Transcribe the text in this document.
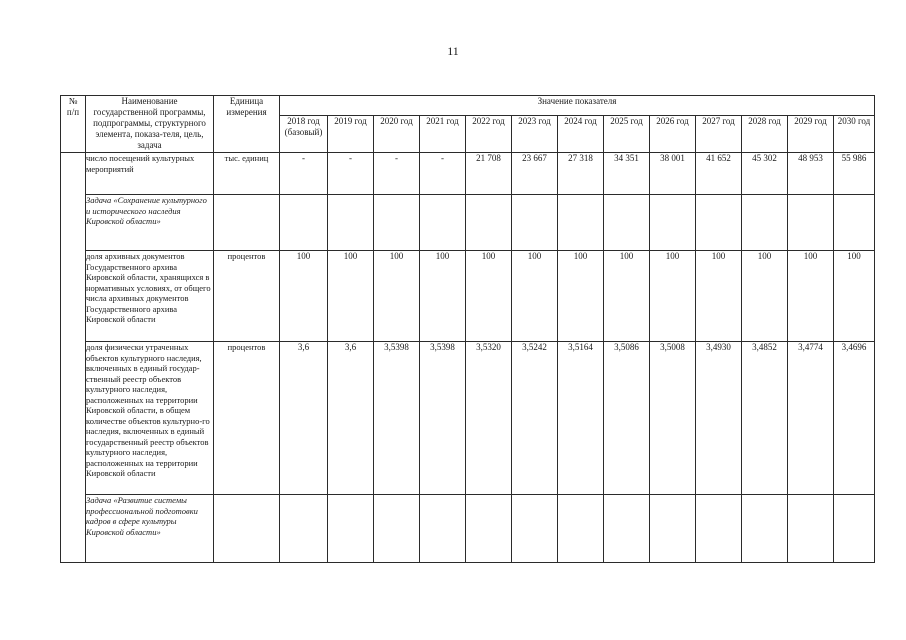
11
№
п/п	Наименование государственной программы, подпрограммы, структурного элемента, показа-теля, цель, задача	Единица измерения	Значение показателя												
			2018 год (базовый)	2019 год	2020 год	2021 год	2022 год	2023 год	2024 год	2025 год	2026 год	2027 год	2028 год	2029 год	2030 год
	число посещений культурных мероприятий	тыс. единиц	-	-	-	-	21 708	23 667	27 318	34 351	38 001	41 652	45 302	48 953	55 986
	Задача «Сохранение культурного и исторического наследия Кировской области»														
	доля архивных документов Государственного архива Кировской области, хранящихся в нормативных условиях, от общего числа архивных документов Государственного архива Кировской области	процентов	100	100	100	100	100	100	100	100	100	100	100	100	100
	доля физически утраченных объектов культурного наследия, включенных в единый государ-ственный реестр объектов культурного наследия, расположенных на территории Кировской области, в общем количестве объектов культурно-го наследия, включенных в единый государственный реестр объектов культурного наследия, расположенных на территории Кировской области	процентов	3,6	3,6	3,5398	3,5398	3,5320	3,5242	3,5164	3,5086	3,5008	3,4930	3,4852	3,4774	3,4696
	Задача «Развитие системы профессиональной подготовки кадров в сфере культуры Кировской области»														
